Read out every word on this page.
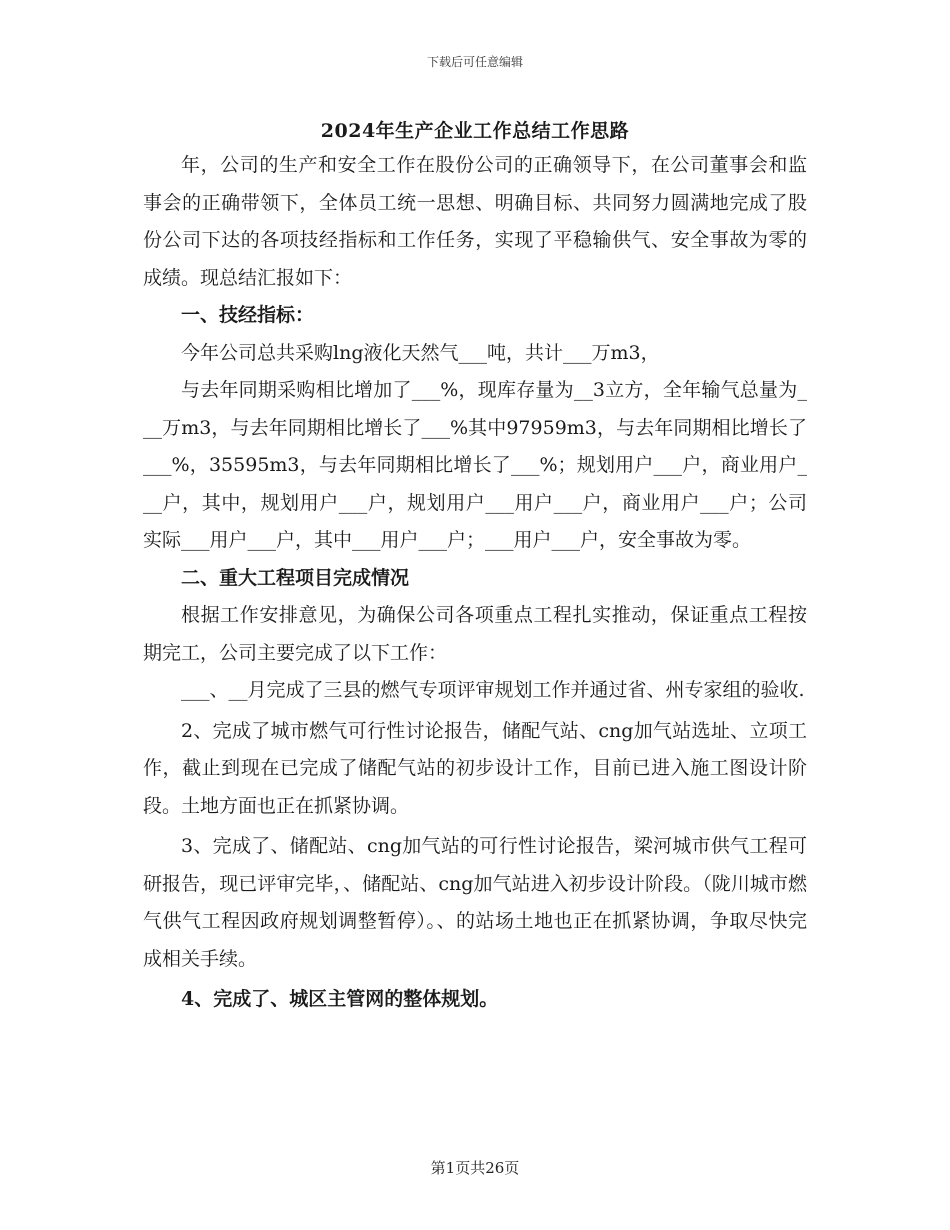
下载后可任意编辑
2024年生产企业工作总结工作思路

年，公司的生产和安全工作在股份公司的正确领导下，在公司董事会和监事会的正确带领下，全体员工统一思想、明确目标、共同努力圆满地完成了股份公司下达的各项技经指标和工作任务，实现了平稳输供气、安全事故为零的成绩。现总结汇报如下：

一、技经指标：

今年公司总共采购lng液化天然气___吨，共计___万m3，

与去年同期采购相比增加了___%，现库存量为__3立方，全年输气总量为___万m3，与去年同期相比增长了___%其中97959m3，与去年同期相比增长了___%，35595m3，与去年同期相比增长了___%；规划用户___户，商业用户___户，其中，规划用户___户，规划用户___用户___户，商业用户___户；公司实际___用户___户，其中___用户___户；___用户___户，安全事故为零。

二、重大工程项目完成情况

根据工作安排意见，为确保公司各项重点工程扎实推动，保证重点工程按期完工，公司主要完成了以下工作：

___、__月完成了三县的燃气专项评审规划工作并通过省、州专家组的验收.

2、完成了城市燃气可行性讨论报告，储配气站、cng加气站选址、立项工作，截止到现在已完成了储配气站的初步设计工作，目前已进入施工图设计阶段。土地方面也正在抓紧协调。

3、完成了、储配站、cng加气站的可行性讨论报告，梁河城市供气工程可研报告，现已评审完毕，、储配站、cng加气站进入初步设计阶段。（陇川城市燃气供气工程因政府规划调整暂停）。、的站场土地也正在抓紧协调，争取尽快完成相关手续。

4、完成了、城区主管网的整体规划。

第1页共26页
